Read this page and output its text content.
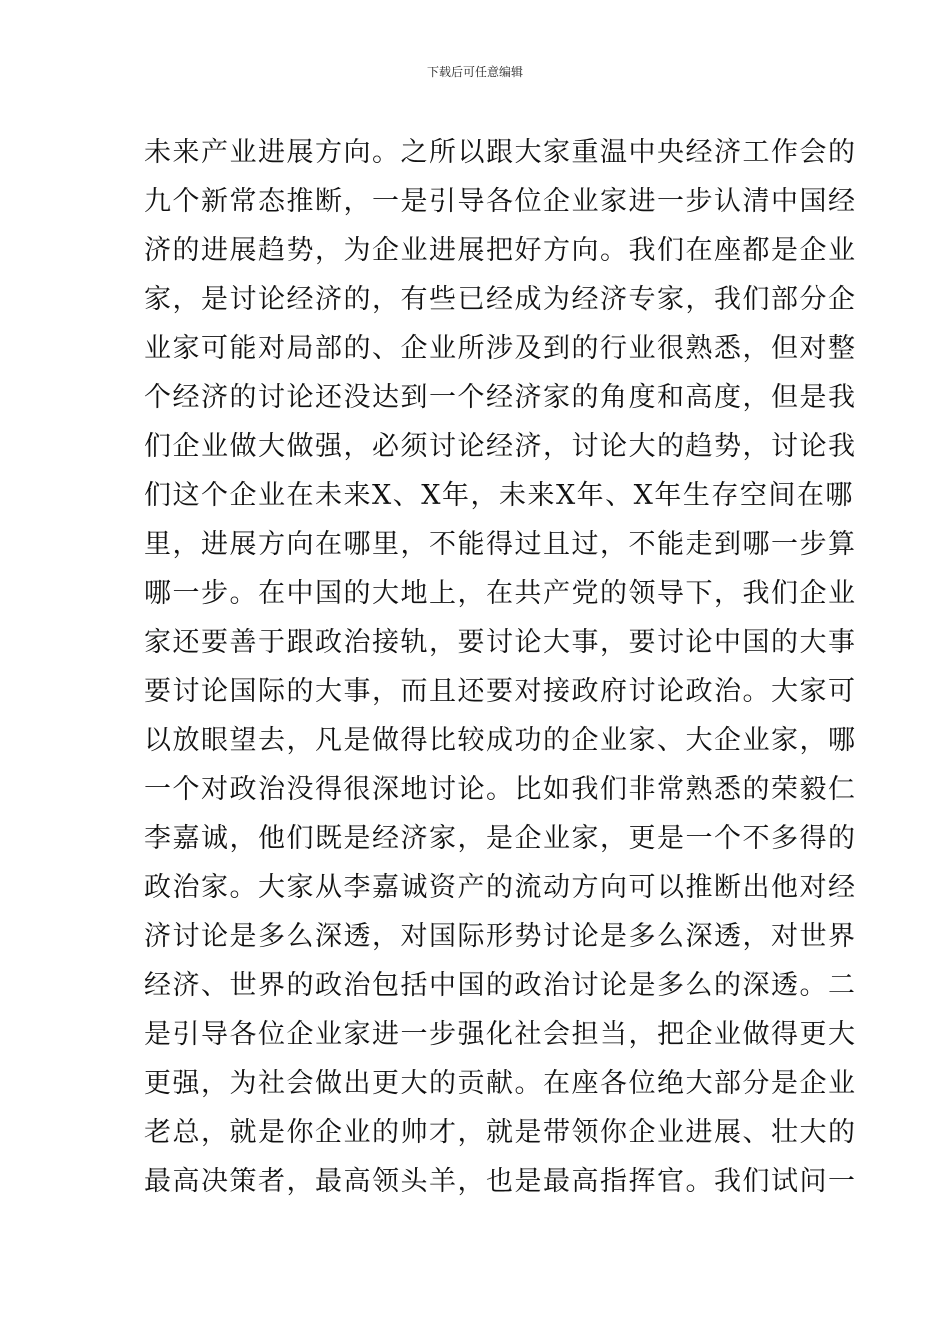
下载后可任意编辑
未来产业进展方向。之所以跟大家重温中央经济工作会的
九个新常态推断，一是引导各位企业家进一步认清中国经
济的进展趋势，为企业进展把好方向。我们在座都是企业
家，是讨论经济的，有些已经成为经济专家，我们部分企
业家可能对局部的、企业所涉及到的行业很熟悉，但对整
个经济的讨论还没达到一个经济家的角度和高度，但是我
们企业做大做强，必须讨论经济，讨论大的趋势，讨论我
们这个企业在未来X、X年，未来X年、X年生存空间在哪
里，进展方向在哪里，不能得过且过，不能走到哪一步算
哪一步。在中国的大地上，在共产党的领导下，我们企业
家还要善于跟政治接轨，要讨论大事，要讨论中国的大事
要讨论国际的大事，而且还要对接政府讨论政治。大家可
以放眼望去，凡是做得比较成功的企业家、大企业家，哪
一个对政治没得很深地讨论。比如我们非常熟悉的荣毅仁
李嘉诚，他们既是经济家，是企业家，更是一个不多得的
政治家。大家从李嘉诚资产的流动方向可以推断出他对经
济讨论是多么深透，对国际形势讨论是多么深透，对世界
经济、世界的政治包括中国的政治讨论是多么的深透。二
是引导各位企业家进一步强化社会担当，把企业做得更大
更强，为社会做出更大的贡献。在座各位绝大部分是企业
老总，就是你企业的帅才，就是带领你企业进展、壮大的
最高决策者，最高领头羊，也是最高指挥官。我们试问一
